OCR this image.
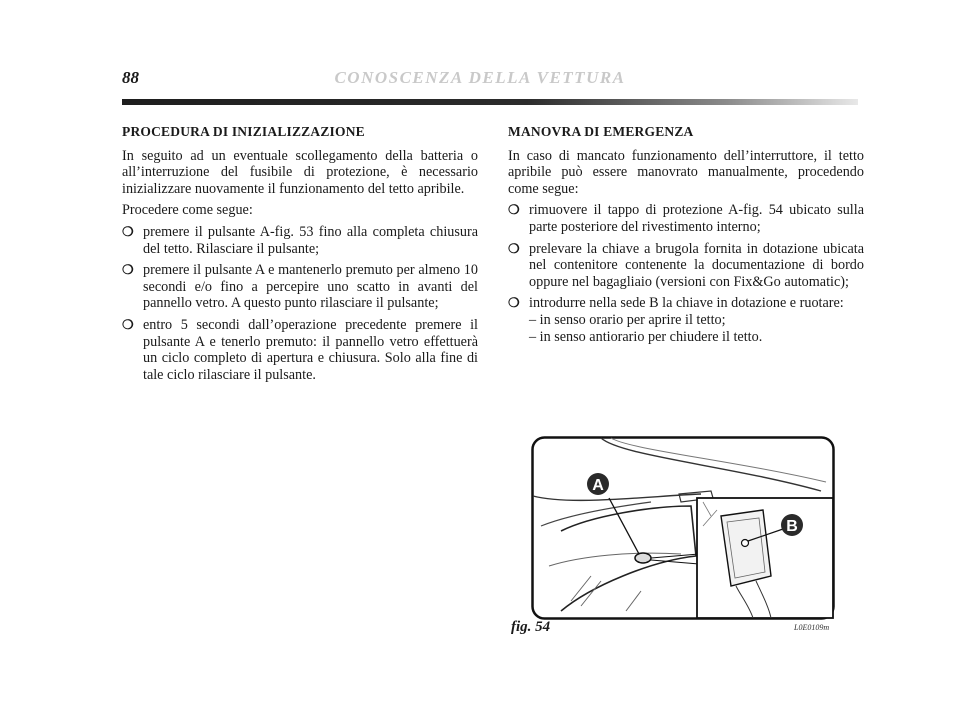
88	CONOSCENZA DELLA VETTURA
PROCEDURA DI INIZIALIZZAZIONE

In seguito ad un eventuale scollegamento della batteria o all’interruzione del fusibile di protezione, è necessario inizializzare nuovamente il funzionamento del tetto apribile.

Procedere come segue:

❍ premere il pulsante A-fig. 53 fino alla completa chiusura del tetto. Rilasciare il pulsante;
❍ premere il pulsante A e mantenerlo premuto per almeno 10 secondi e/o fino a percepire uno scatto in avanti del pannello vetro. A questo punto rilasciare il pulsante;
❍ entro 5 secondi dall’operazione precedente premere il pulsante A e tenerlo premuto: il pannello vetro effettuerà un ciclo completo di apertura e chiusura. Solo alla fine di tale ciclo rilasciare il pulsante.
MANOVRA DI EMERGENZA

In caso di mancato funzionamento dell’interruttore, il tetto apribile può essere manovrato manualmente, procedendo come segue:

❍ rimuovere il tappo di protezione A-fig. 54 ubicato sulla parte posteriore del rivestimento interno;
❍ prelevare la chiave a brugola fornita in dotazione ubicata nel contenitore contenente la documentazione di bordo oppure nel bagagliaio (versioni con Fix&Go automatic);
❍ introdurre nella sede B la chiave in dotazione e ruotare:
– in senso orario per aprire il tetto;
– in senso antiorario per chiudere il tetto.
A
B
fig. 54	L0E0109m
